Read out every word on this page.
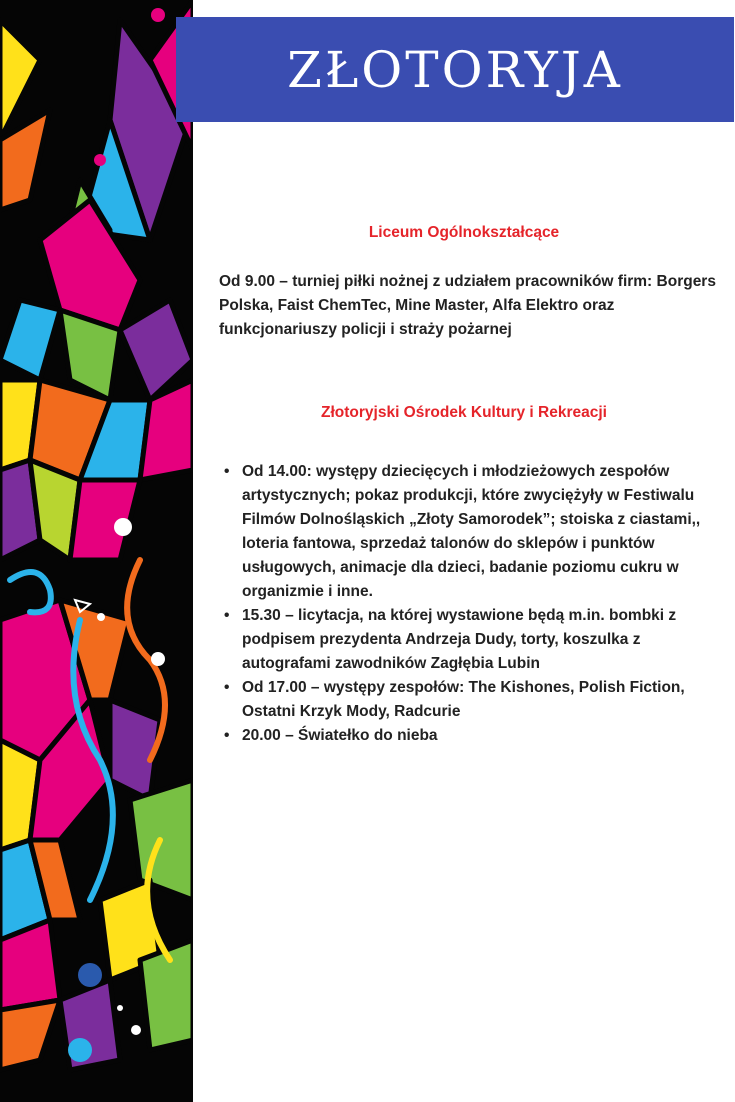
ZŁOTORYJA
Liceum Ogólnokształcące

Od 9.00 – turniej piłki nożnej z udziałem pracowników firm: Borgers Polska, Faist ChemTec, Mine Master, Alfa Elektro oraz funkcjonariuszy policji i straży pożarnej

Złotoryjski Ośrodek Kultury i Rekreacji
• Od 14.00: występy dziecięcych i młodzieżowych zespołów artystycznych; pokaz produkcji, które zwyciężyły w Festiwalu Filmów Dolnośląskich „Złoty Samorodek”; stoiska z ciastami,, loteria fantowa, sprzedaż talonów do sklepów i punktów usługowych, animacje dla dzieci, badanie poziomu cukru w organizmie i inne.
• 15.30 – licytacja, na której wystawione będą m.in. bombki z podpisem prezydenta Andrzeja Dudy, torty, koszulka z autografami zawodników Zagłębia Lubin
• Od 17.00 – występy zespołów: The Kishones, Polish Fiction, Ostatni Krzyk Mody, Radcurie
• 20.00 – Światełko do nieba
